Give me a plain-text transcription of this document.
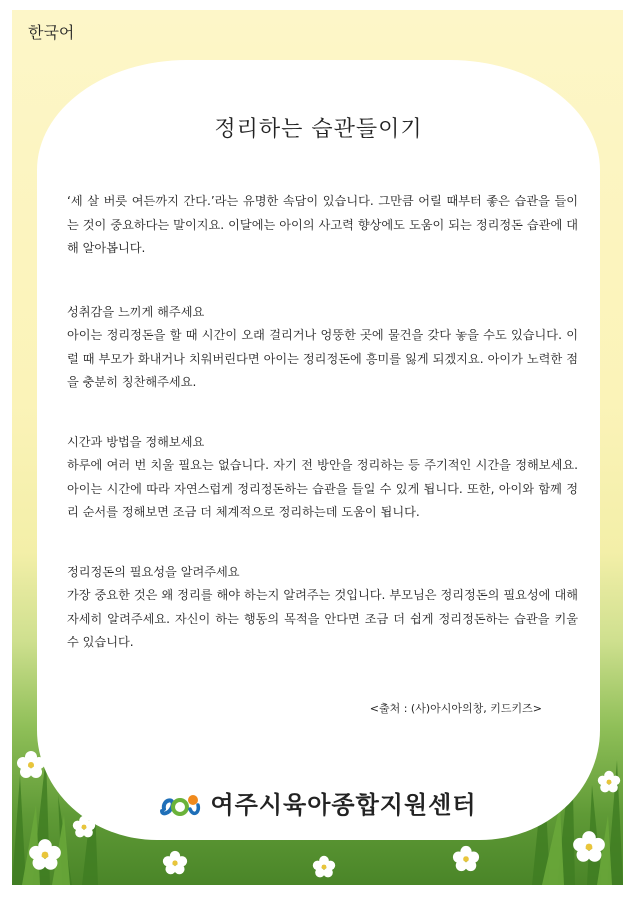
한국어
정리하는 습관들이기

‘세 살 버릇 여든까지 간다.’라는 유명한 속담이 있습니다. 그만큼 어릴 때부터 좋은 습관을 들이는 것이 중요하다는 말이지요. 이달에는 아이의 사고력 향상에도 도움이 되는 정리정돈 습관에 대해 알아봅니다.

성취감을 느끼게 해주세요

아이는 정리정돈을 할 때 시간이 오래 걸리거나 엉뚱한 곳에 물건을 갖다 놓을 수도 있습니다. 이럴 때 부모가 화내거나 치워버린다면 아이는 정리정돈에 흥미를 잃게 되겠지요. 아이가 노력한 점을 충분히 칭찬해주세요.

시간과 방법을 정해보세요

하루에 여러 번 치울 필요는 없습니다. 자기 전 방안을 정리하는 등 주기적인 시간을 정해보세요. 아이는 시간에 따라 자연스럽게 정리정돈하는 습관을 들일 수 있게 됩니다. 또한, 아이와 함께 정리 순서를 정해보면 조금 더 체계적으로 정리하는데 도움이 됩니다.

정리정돈의 필요성을 알려주세요

가장 중요한 것은 왜 정리를 해야 하는지 알려주는 것입니다. 부모님은 정리정돈의 필요성에 대해 자세히 알려주세요. 자신이 하는 행동의 목적을 안다면 조금 더 쉽게 정리정돈하는 습관을 키울 수 있습니다.

<출처 : (사)아시아의창, 키드키즈>
여주시육아종합지원센터
